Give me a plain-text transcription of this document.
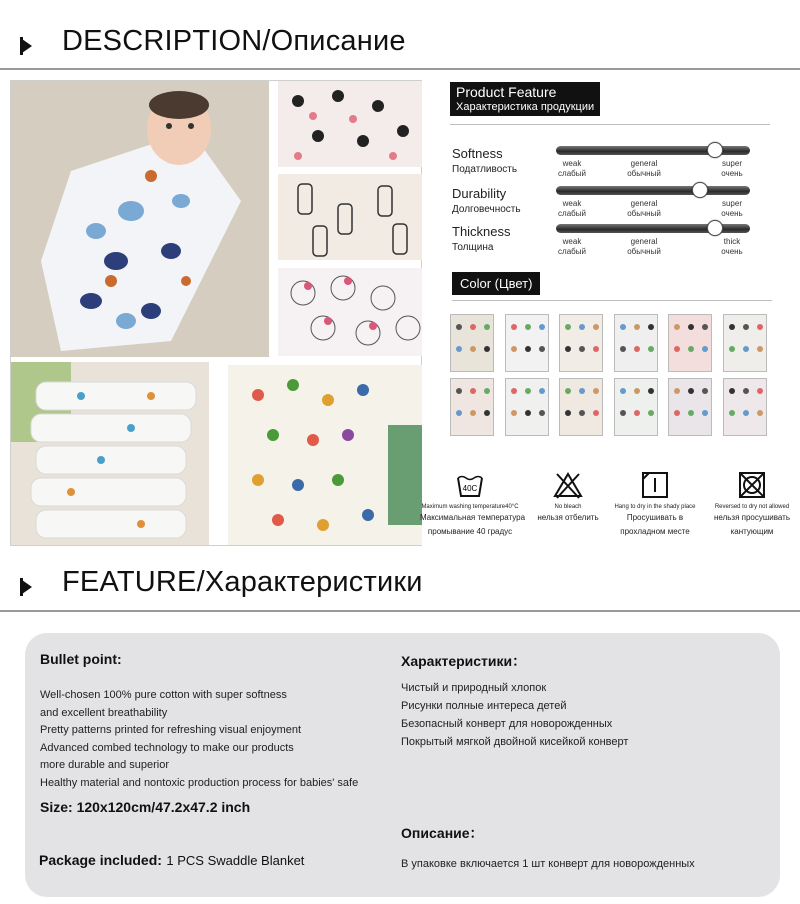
DESCRIPTION/Описание
Product Feature
Характеристика продукции
Softness
Податливость
weak
слабый
general
обычный
super
очень
Durability
Долговечность
weak
слабый
general
обычный
super
очень
Thickness
Толщина
weak
слабый
general
обычный
thick
очень
Color (Цвет)
40C
Maximum washing temperature40°C
Максимальная температура
промывание 40 градус
No bleach
нельзя отбелить
Hang to dry in the shady place
Просушивать в
прохладном месте
Reversed to dry not allowed
нельзя просушивать
кантующим
FEATURE/Характеристики
Bullet point:
Well-chosen 100% pure cotton with super softness
and excellent breathability
Pretty patterns printed for refreshing visual enjoyment
Advanced combed technology to make our products
more durable and superior
Healthy material and nontoxic production process for babies' safe
Size: 120x120cm/47.2x47.2 inch
Package included: 1 PCS Swaddle Blanket
Характеристики：
Чистый и природный хлопок
Рисунки полные интереса детей
Безопасный конверт для новорожденных
Покрытый мягкой двойной кисейкой конверт
Описание：
В упаковке включается 1 шт конверт для новорожденных
